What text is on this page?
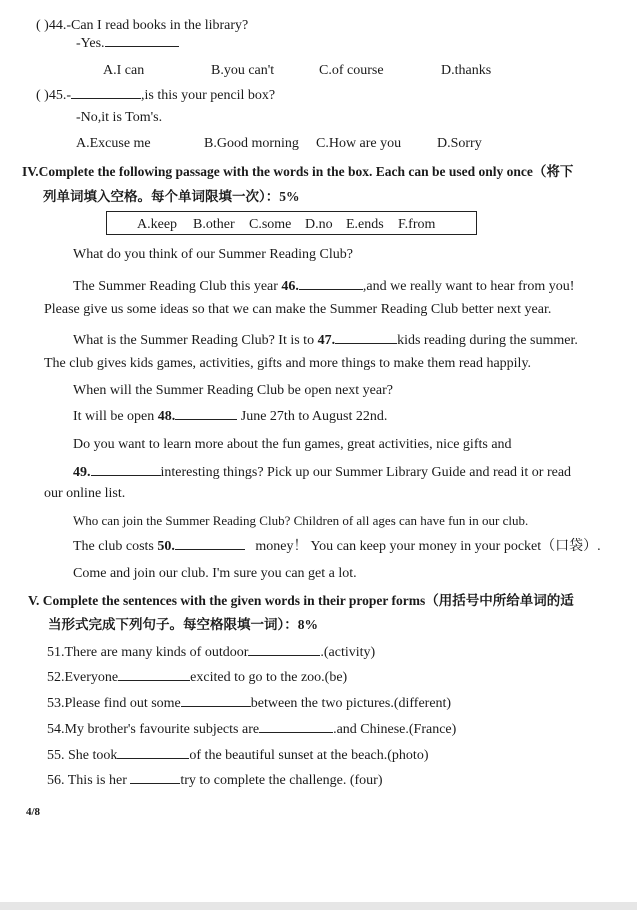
( )44.-Can I read books in the library?
-Yes.
A.I can	B.you can't	C.of course	D.thanks
( )45.-	,is this your pencil box?
-No,it is Tom's.
A.Excuse me	B.Good morning C.How are you	D.Sorry
IV.Complete the following passage with the words in the box. Each can be used only once（将下
列单词填入空格。每个单词限填一次）：5%
A.keep B.other C.some D.no E.ends F.from
What do you think of our Summer Reading Club?
The Summer Reading Club this year 46.	,and we really want to hear from you!
Please give us some ideas so that we can make the Summer Reading Club better next year.
What is the Summer Reading Club? It is to 47.	kids reading during the summer.
The club gives kids games, activities, gifts and more things to make them read happily.
When will the Summer Reading Club be open next year?
It will be open 48.	June 27th to August 22nd.
Do you want to learn more about the fun games, great activities, nice gifts and
49.	interesting things? Pick up our Summer Library Guide and read it or read
our online list.
Who can join the Summer Reading Club? Children of all ages can have fun in our club.
The club costs 50.	money！ You can keep your money in your pocket（口袋）.
Come and join our club. I'm sure you can get a lot.
V. Complete the sentences with the given words in their proper forms（用括号中所给单词的适
当形式完成下列句子。每空格限填一词）：8%
51.There are many kinds of outdoor	.(activity)
52.Everyone	excited to go to the zoo.(be)
53.Please find out some	between the two pictures.(different)
54.My brother's favourite subjects are	.and Chinese.(France)
55. She took	of the beautiful sunset at the beach.(photo)
56. This is her	try to complete the challenge. (four)
4/8
